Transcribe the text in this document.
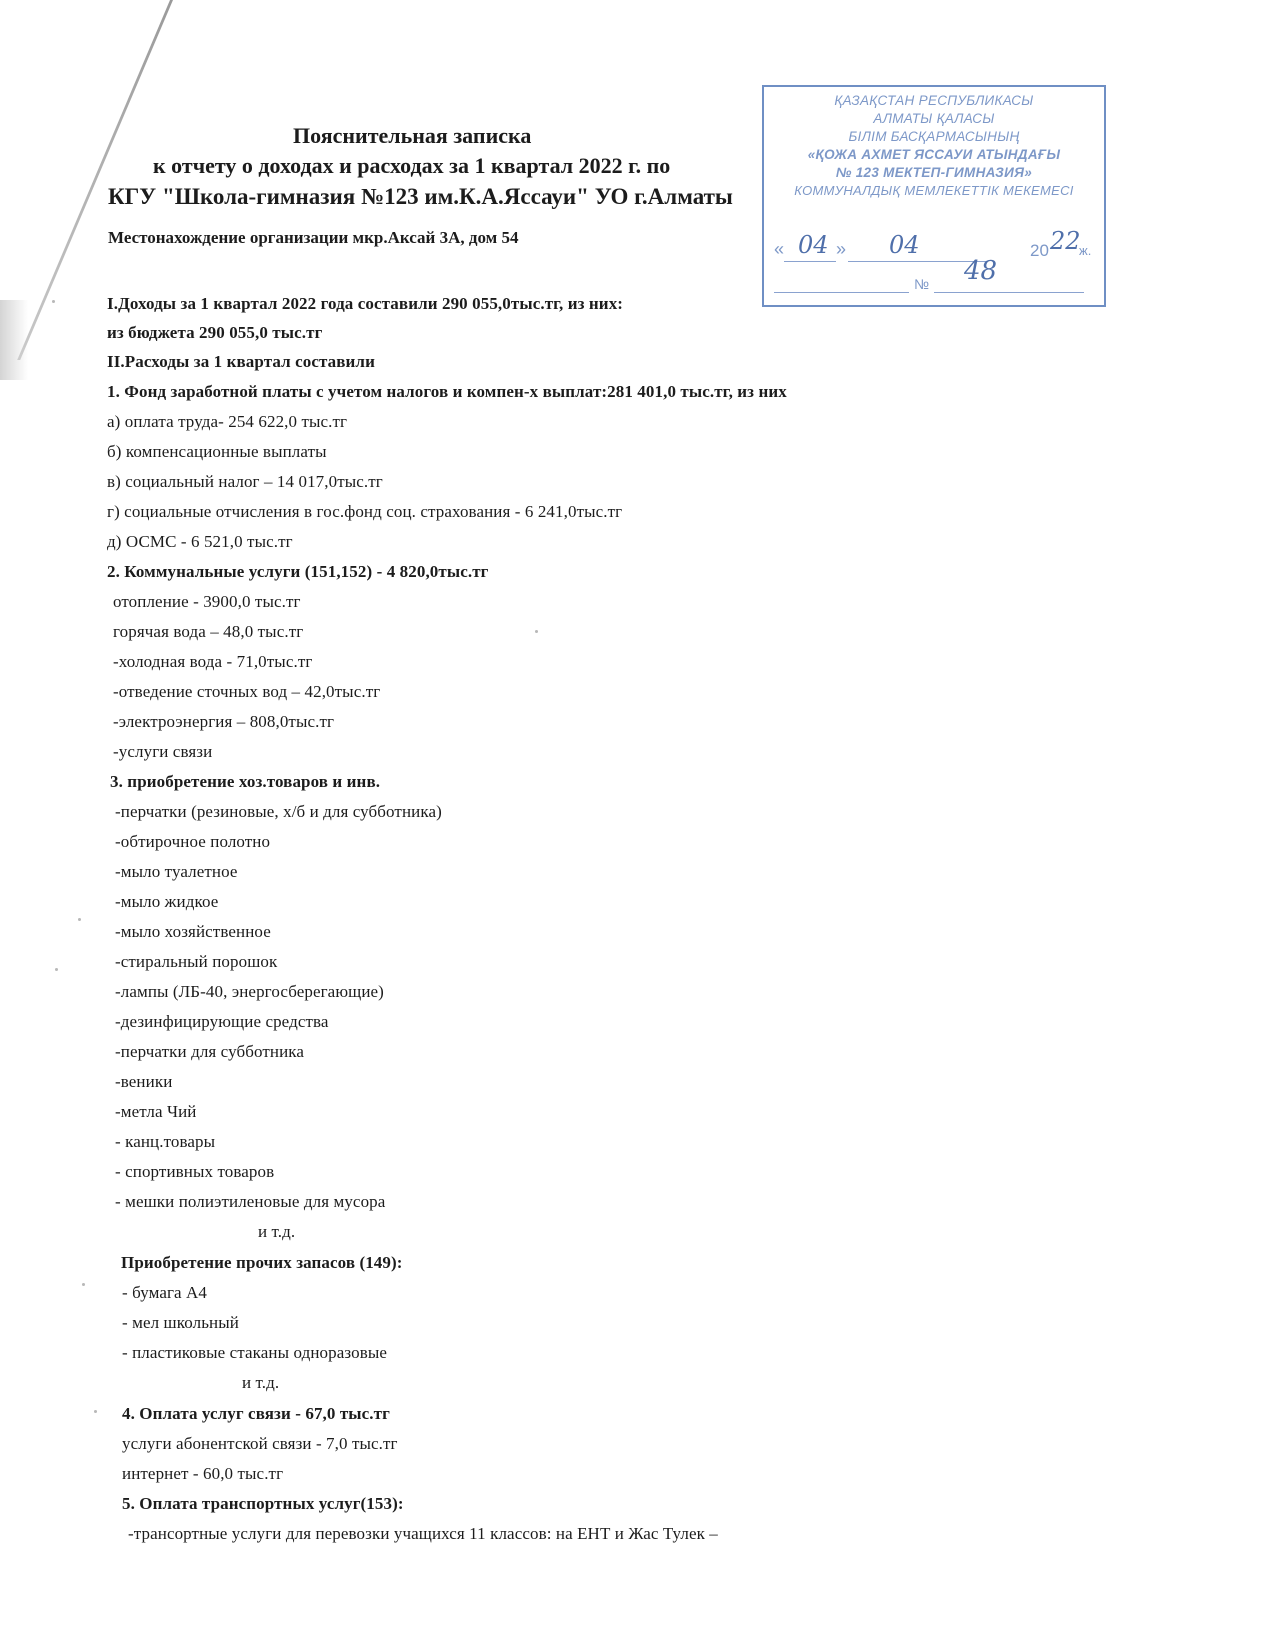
Пояснительная записка
к отчету о доходах и расходах за 1 квартал 2022 г. по
КГУ "Школа-гимназия №123 им.К.А.Яссауи" УО г.Алматы
Местонахождение организации мкр.Аксай 3А, дом 54
ҚАЗАҚСТАН РЕСПУБЛИКАСЫ
АЛМАТЫ ҚАЛАСЫ
БІЛІМ БАСҚАРМАСЫНЫҢ
«ҚОЖА АХМЕТ ЯССАУИ АТЫНДАҒЫ
№ 123 МЕКТЕП-ГИМНАЗИЯ»
КОММУНАЛДЫҚ МЕМЛЕКЕТТІК МЕКЕМЕСІ
« 04 » 04	20 22
ж.
№ 48
I.Доходы за 1 квартал 2022 года составили 290 055,0тыс.тг, из них:
из бюджета 290 055,0 тыс.тг
II.Расходы за 1 квартал составили
1. Фонд заработной платы с учетом налогов и компен-х выплат:281 401,0 тыс.тг, из них
а) оплата труда- 254 622,0 тыс.тг
б) компенсационные выплаты
в) социальный налог – 14 017,0тыс.тг
г) социальные отчисления в гос.фонд соц. страхования - 6 241,0тыс.тг
д) ОСМС - 6 521,0 тыс.тг
2. Коммунальные услуги (151,152) - 4 820,0тыс.тг
отопление - 3900,0 тыс.тг
горячая вода – 48,0 тыс.тг
-холодная вода - 71,0тыс.тг
-отведение сточных вод – 42,0тыс.тг
-электроэнергия – 808,0тыс.тг
-услуги связи
3. приобретение хоз.товаров и инв.
-перчатки (резиновые, х/б и для субботника)
-обтирочное полотно
-мыло туалетное
-мыло жидкое
-мыло хозяйственное
-стиральный порошок
-лампы (ЛБ-40, энергосберегающие)
-дезинфицирующие средства
-перчатки для субботника
-веники
-метла Чий
- канц.товары
- спортивных товаров
- мешки полиэтиленовые для мусора
и т.д.
Приобретение прочих запасов (149):
- бумага А4
- мел школьный
- пластиковые стаканы одноразовые
и т.д.
4. Оплата услуг связи - 67,0 тыс.тг
услуги абонентской связи - 7,0 тыс.тг
интернет - 60,0 тыс.тг
5. Оплата транспортных услуг(153):
-трансортные услуги для перевозки учащихся 11 классов: на ЕНТ и Жас Тулек –
